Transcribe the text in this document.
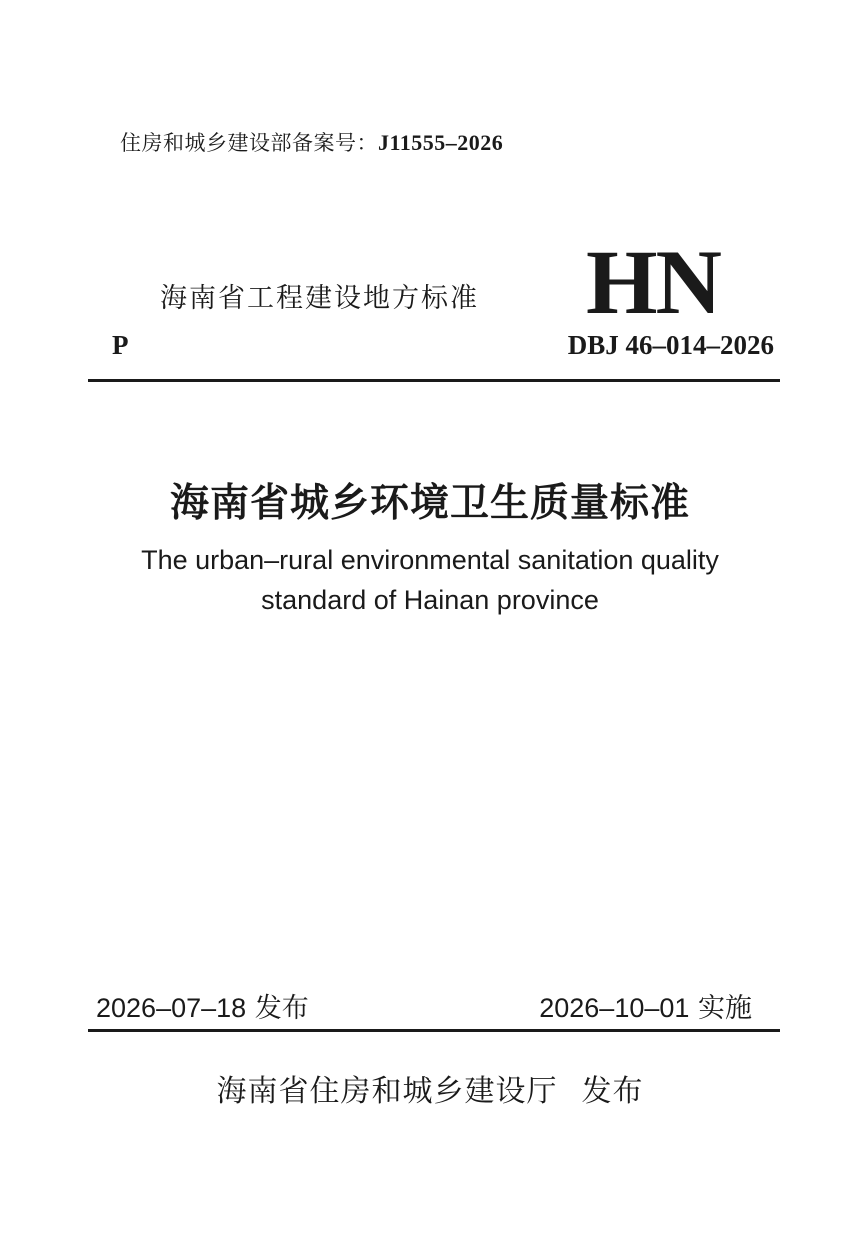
住房和城乡建设部备案号：J11555–2026
海南省工程建设地方标准 HN
P	DBJ 46–014–2026
海南省城乡环境卫生质量标准
The urban–rural environmental sanitation quality
standard of Hainan province
2026–07–18 发布	2026–10–01 实施
海南省住房和城乡建设厅 发布
